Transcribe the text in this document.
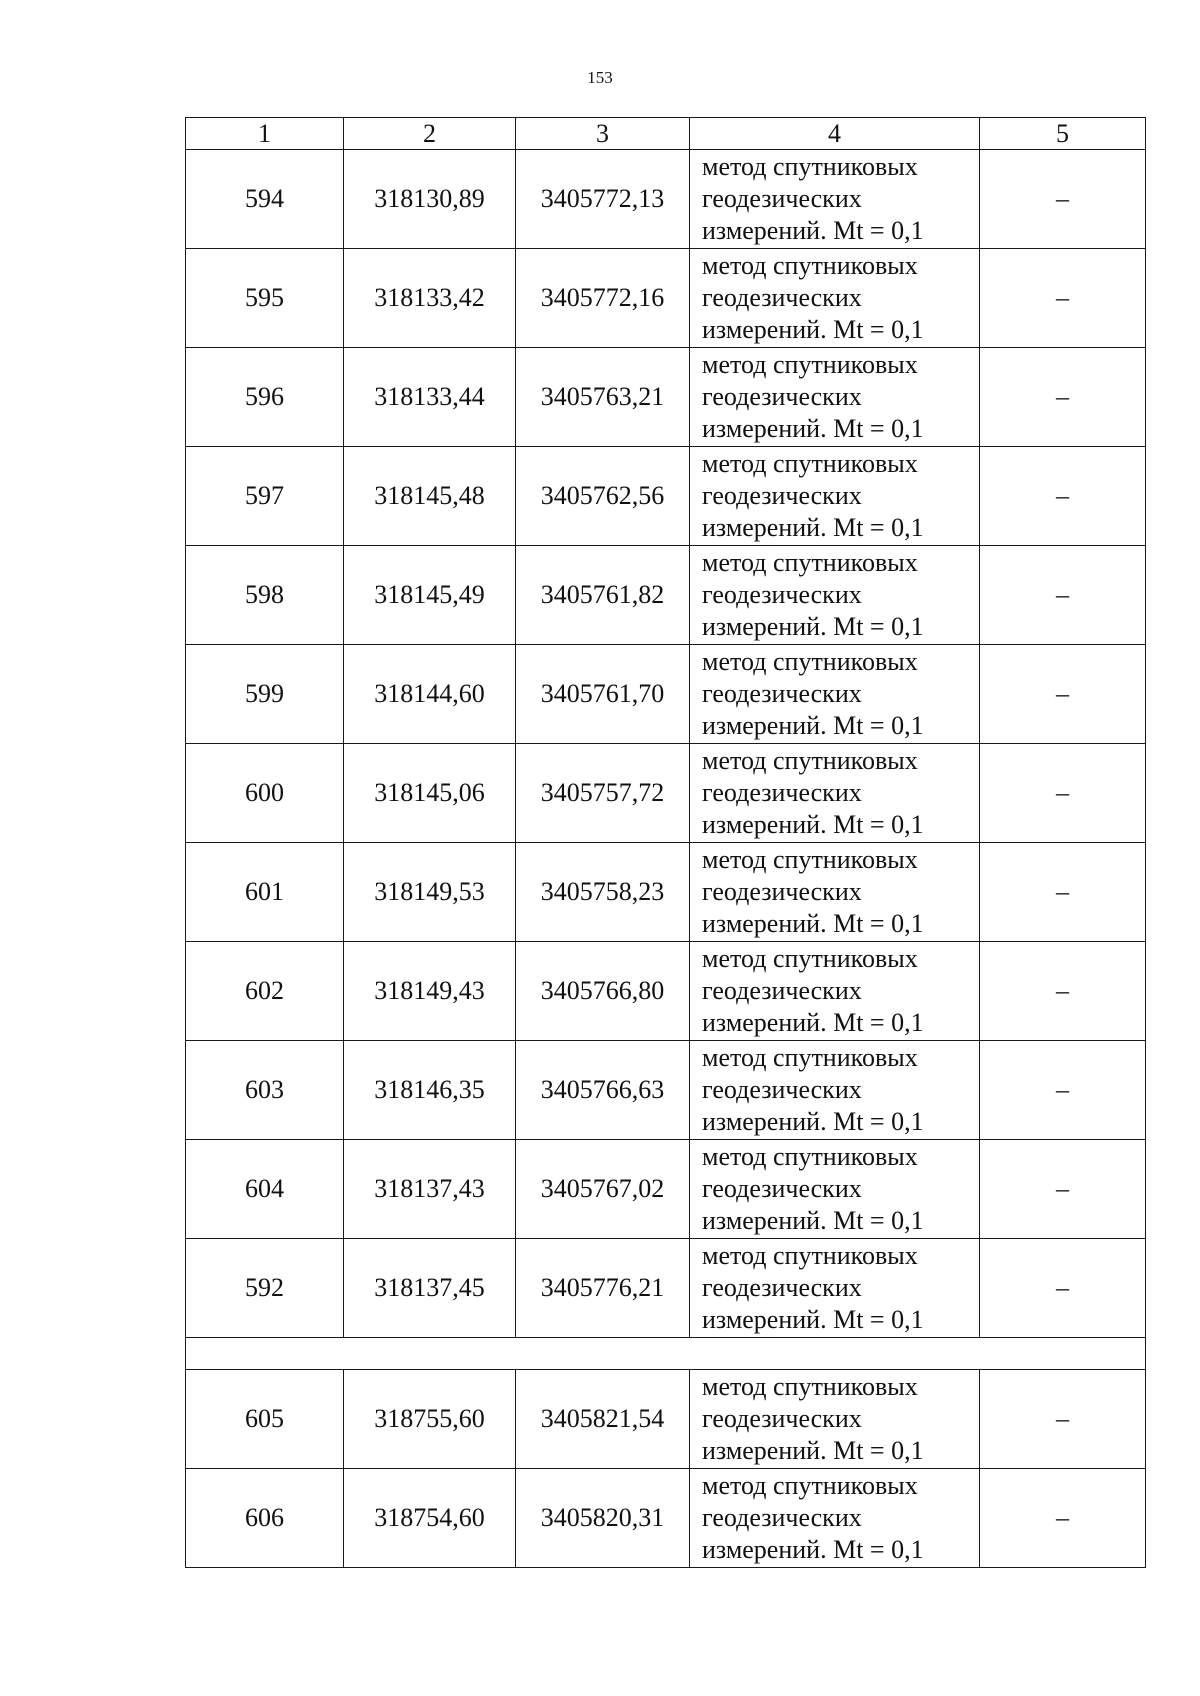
153
1	2	3	4	5
594	318130,89	3405772,13	метод спутниковых
геодезических
измерений. Mt = 0,1	–
595	318133,42	3405772,16	метод спутниковых
геодезических
измерений. Mt = 0,1	–
596	318133,44	3405763,21	метод спутниковых
геодезических
измерений. Mt = 0,1	–
597	318145,48	3405762,56	метод спутниковых
геодезических
измерений. Mt = 0,1	–
598	318145,49	3405761,82	метод спутниковых
геодезических
измерений. Mt = 0,1	–
599	318144,60	3405761,70	метод спутниковых
геодезических
измерений. Mt = 0,1	–
600	318145,06	3405757,72	метод спутниковых
геодезических
измерений. Mt = 0,1	–
601	318149,53	3405758,23	метод спутниковых
геодезических
измерений. Mt = 0,1	–
602	318149,43	3405766,80	метод спутниковых
геодезических
измерений. Mt = 0,1	–
603	318146,35	3405766,63	метод спутниковых
геодезических
измерений. Mt = 0,1	–
604	318137,43	3405767,02	метод спутниковых
геодезических
измерений. Mt = 0,1	–
592	318137,45	3405776,21	метод спутниковых
геодезических
измерений. Mt = 0,1	–

605	318755,60	3405821,54	метод спутниковых
геодезических
измерений. Mt = 0,1	–
606	318754,60	3405820,31	метод спутниковых
геодезических
измерений. Mt = 0,1	–
